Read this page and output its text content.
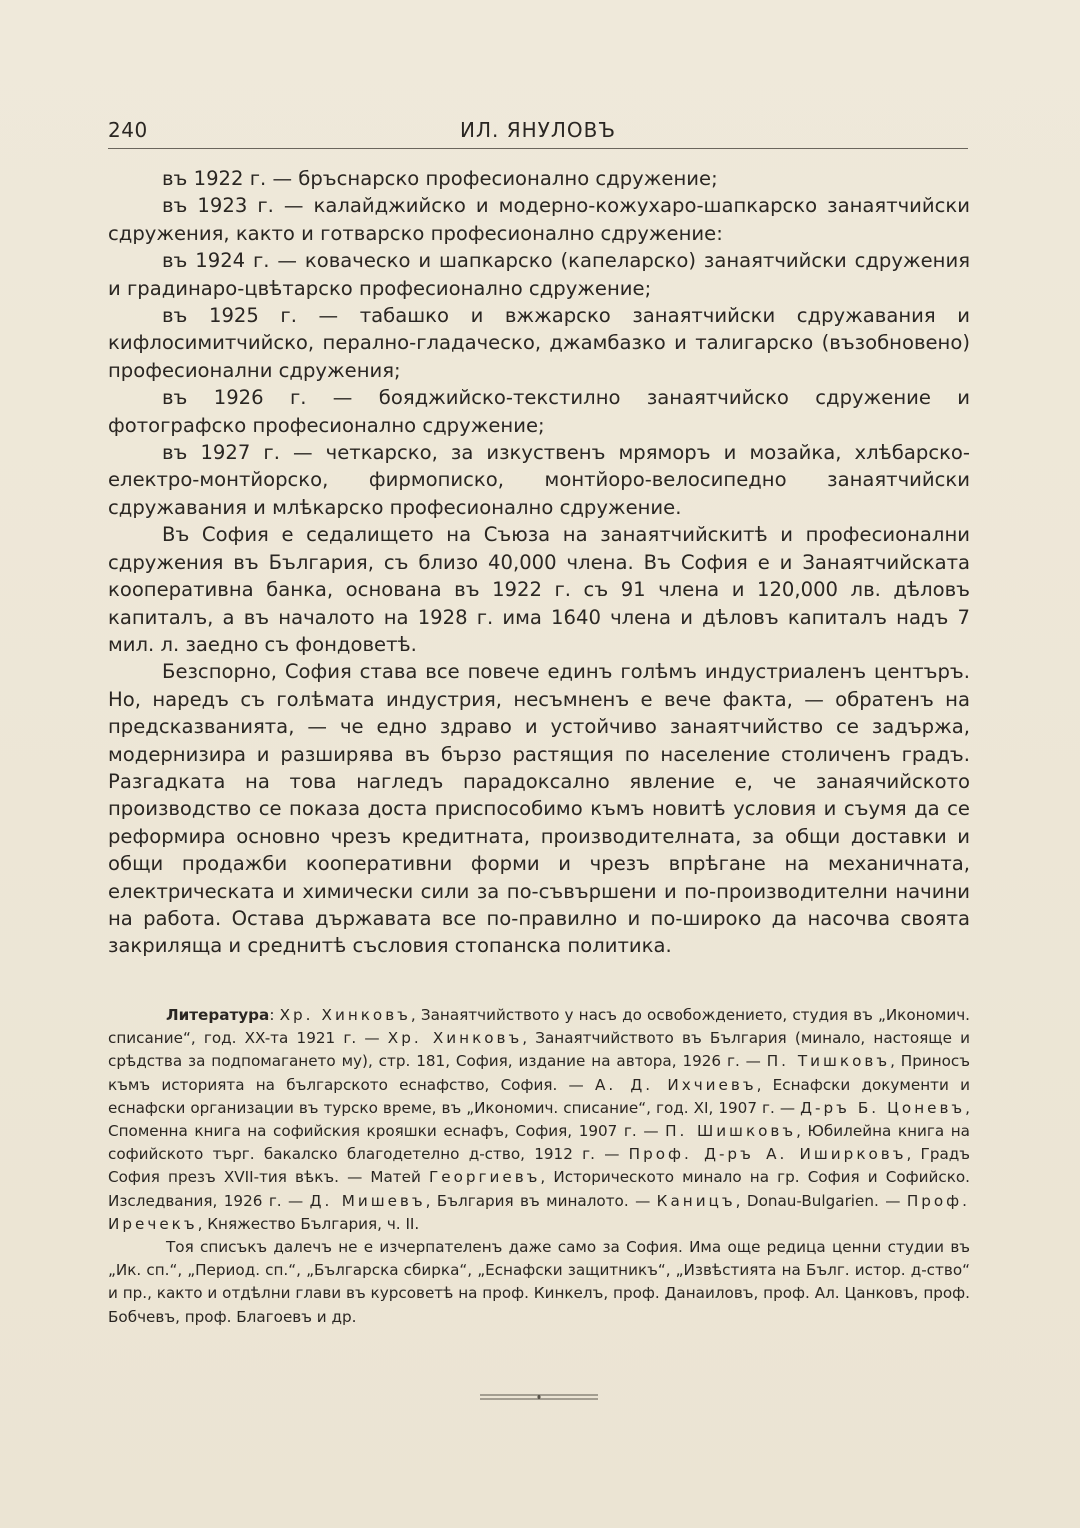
240	ИЛ. ЯНУЛОВЪ

въ 1922 г. — бръснарско професионално сдружение;

въ 1923 г. — калайджийско и модерно-кожухаро-шапкарско занаятчийски сдружения, както и готварско професионално сдружение:

въ 1924 г. — коваческо и шапкарско (капеларско) занаятчийски сдружения и градинаро-цвѣтарско професионално сдружение;

въ 1925 г. — табашко и вжжарско занаятчийски сдружавания и кифлосимитчийско, перално-гладаческо, джамбазко и талигарско (възобновено) професионални сдружения;

въ 1926 г. — бояджийско-текстилно занаятчийско сдружение и фотографско професионално сдружение;

въ 1927 г. — четкарско, за изкуственъ мряморъ и мозайка, хлѣбарско-електро-монтйорско, фирмописко, монтйоро-велосипедно занаятчийски сдружавания и млѣкарско професионално сдружение.

Въ София е седалището на Съюза на занаятчийскитѣ и професионални сдружения въ България, съ близо 40,000 члена. Въ София е и Занаятчийската кооперативна банка, основана въ 1922 г. съ 91 члена и 120,000 лв. дѣловъ капиталъ, а въ началото на 1928 г. има 1640 члена и дѣловъ капиталъ надъ 7 мил. л. заедно съ фондоветѣ.

Безспорно, София става все повече единъ голѣмъ индустриаленъ центъръ. Но, наредъ съ голѣмата индустрия, несъмненъ е вече факта, — обратенъ на предсказванията, — че едно здраво и устойчиво занаятчийство се задържа, модернизира и разширява въ бързо растящия по население столиченъ градъ. Разгадката на това нагледъ парадоксално явление е, че занаячийското производство се показа доста приспособимо къмъ новитѣ условия и съумя да се реформира основно чрезъ кредитната, производителната, за общи доставки и общи продажби кооперативни форми и чрезъ впрѣгане на механичната, електрическата и химически сили за по-съвършени и по-производителни начини на работа. Остава държавата все по-правилно и по-широко да насочва своята закриляща и среднитѣ съсловия стопанска политика.

Литература: Хр. Хинковъ, Занаятчийството у насъ до освобождението, студия въ „Икономич. списание“, год. XX-та 1921 г. — Хр. Хинковъ, Занаятчийството въ България (минало, настояще и срѣдства за подпомагането му), стр. 181, София, издание на автора, 1926 г. — П. Тишковъ, Приносъ къмъ историята на българското еснафство, София. — А. Д. Ихчиевъ, Еснафски документи и еснафски организации въ турско време, въ „Икономич. списание“, год. XI, 1907 г. — Д-ръ Б. Цоневъ, Споменна книга на софийския крояшки еснафъ, София, 1907 г. — П. Шишковъ, Юбилейна книга на софийското търг. бакалско благодетелно д-ство, 1912 г. — Проф. Д-ръ А. Иширковъ, Градъ София презъ XVII-тия вѣкъ. — Матей Георгиевъ, Историческото минало на гр. София и Софийско. Изследвания, 1926 г. — Д. Мишевъ, България въ миналото. — Каницъ, Donau-Bulgarien. — Проф. Иречекъ, Княжество България, ч. II.

Тоя списъкъ далечъ не е изчерпателенъ даже само за София. Има още редица ценни студии въ „Ик. сп.“, „Период. сп.“, „Българска сбирка“, „Еснафски защитникъ“, „Извѣстията на Бълг. истор. д-ство“ и пр., както и отдѣлни глави въ курсоветѣ на проф. Кинкелъ, проф. Данаиловъ, проф. Ал. Цанковъ, проф. Бобчевъ, проф. Благоевъ и др.
